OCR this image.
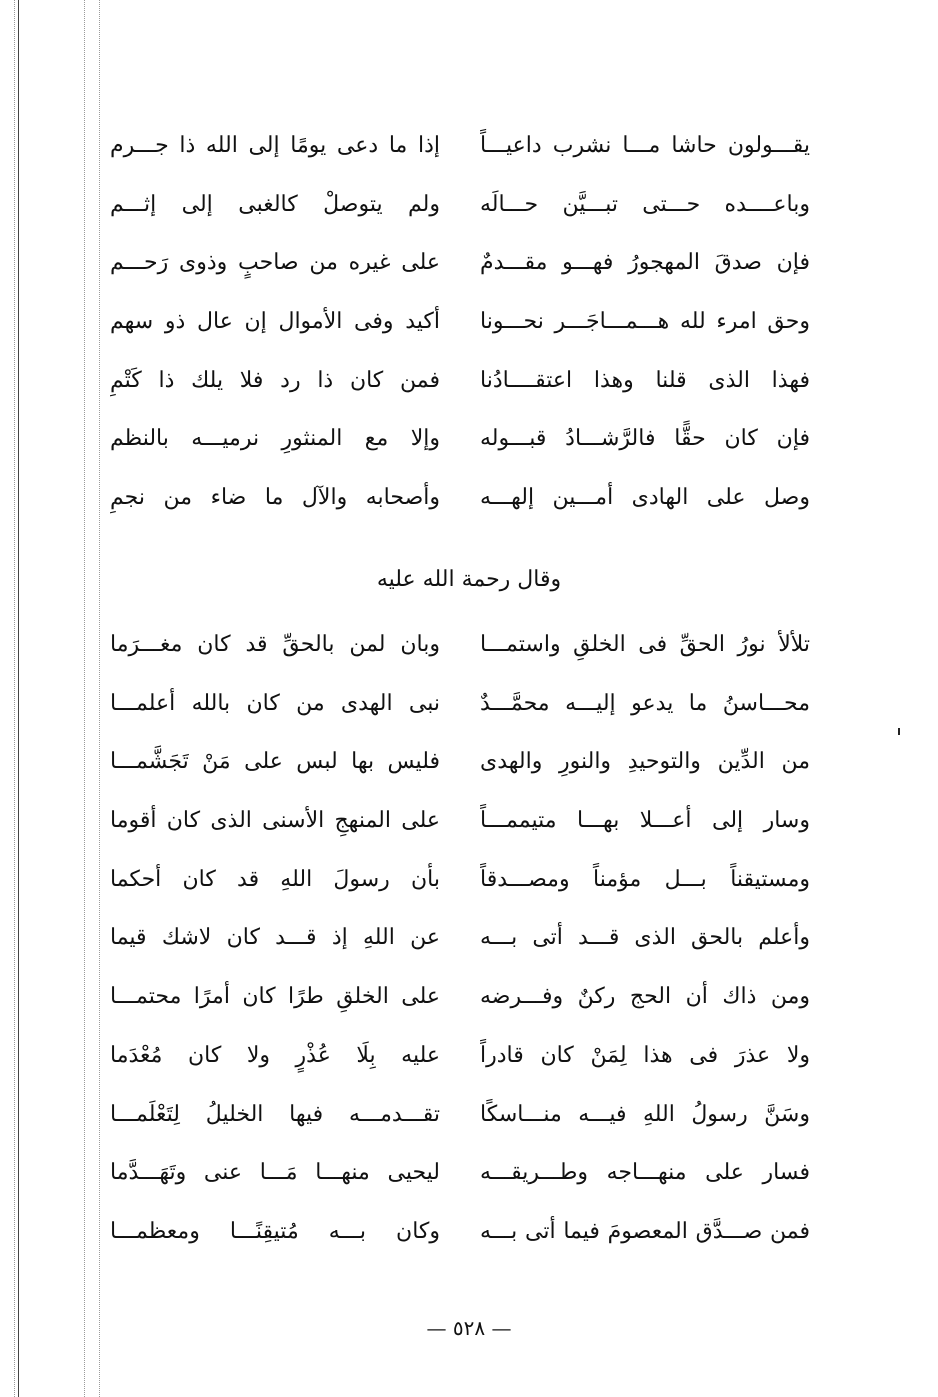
يقـــولون حاشا مـــا نشرب داعيـــاً
إذا ما دعى يومًا إلى الله ذا جـــرم
وباعــــده حـــتى تبـــيَّن حـــالَه
ولم يتوصلْ كالغبى إلى إثـــم
فإن صدقَ المهجورُ فهـــو مقـــدمٌ
على غيره من صاحبٍ وذوى رَحـــم
وحق امرء لله هـــمـــاجَـــر نحـــونا
أكيد وفى الأموال إن عال ذو سهم
فهذا الذى قلنا وهذا اعتقــــادُنا
فمن كان ذا رد فلا يلك ذا كَتْمِ
فإن كان حقًّا فالرَّشـــادُ قبـــوله
وإلا مع المنثورِ نرميـــه بالنظم
وصل على الهادى أمـــين إلهـــه
وأصحابه والآل ما ضاء من نجمِ
وقال رحمة الله عليه
تلألأ نورُ الحقِّ فى الخلقِ واستمـــا
وبان لمن بالحقِّ قد كان مغـــرَما
محـــاسنُ ما يدعو إليـــه محمَّـــدٌ
نبى الهدى من كان بالله أعلمـــا
من الدِّين والتوحيدِ والنورِ والهدى
فليس بها لبس على مَنْ تَجَشَّمـــا
وسار إلى أعـــلا بهـــا متيممـــاً
على المنهجِ الأسنى الذى كان أقوما
ومستيقناً بـــل مؤمناً ومصـــدقاً
بأن رسولَ اللهِ قد كان أحكما
وأعلم بالحق الذى قـــد أتى بـــه
عن اللهِ إذ قـــد كان لاشك قيما
ومن ذاك أن الحج ركنٌ وفـــرضه
على الخلقِ طرًا كان أمرًا محتمـــا
ولا عذرَ فى هذا لِمَنْ كان قادراً
عليه بِلَا عُذْرٍ ولا كان مُعْدَما
وسَنَّ رسولُ اللهِ فيـــه منـــاسكًا
تقـــدمـــه فيها الخليلُ لِتَعْلَمـــا
فسار على منهـــاجه وطـــريقـــه
ليحيى منهـــا مَـــا عنى وتَهَـــدَّما
فمن صـــدَّق المعصومَ فيما أتى بـــه
وكان بـــه مُتيقِنًـــا ومعظمـــا
— ٥٢٨ —
